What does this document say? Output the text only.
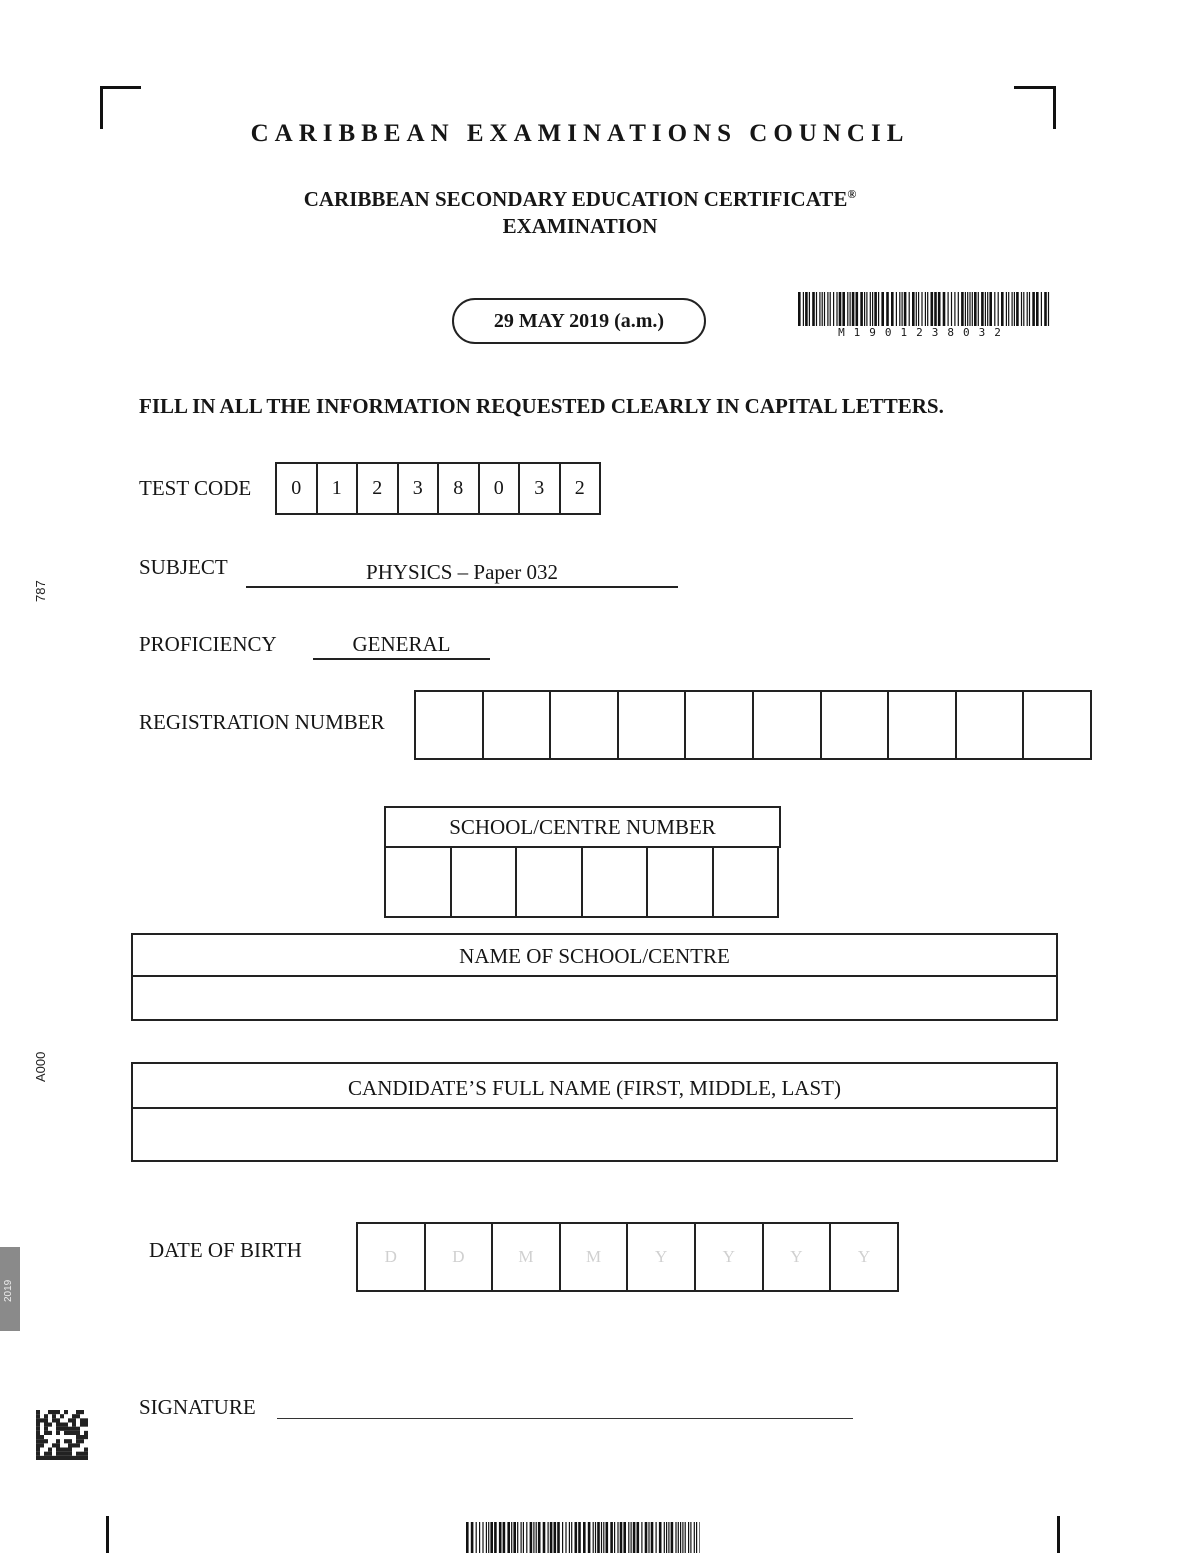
787
A000
2019
CARIBBEAN EXAMINATIONS COUNCIL
CARIBBEAN SECONDARY EDUCATION CERTIFICATE®
EXAMINATION
29 MAY 2019 (a.m.)
M1901238032
FILL IN ALL THE INFORMATION REQUESTED CLEARLY IN CAPITAL LETTERS.
TEST CODE	0	1	2	3	8	0	3	2
SUBJECT	PHYSICS – Paper 032
PROFICIENCY	GENERAL
REGISTRATION NUMBER
SCHOOL/CENTRE NUMBER
NAME OF SCHOOL/CENTRE
CANDIDATE’S FULL NAME (FIRST, MIDDLE, LAST)
DATE OF BIRTH	D	D	M	M	Y	Y	Y	Y
SIGNATURE
